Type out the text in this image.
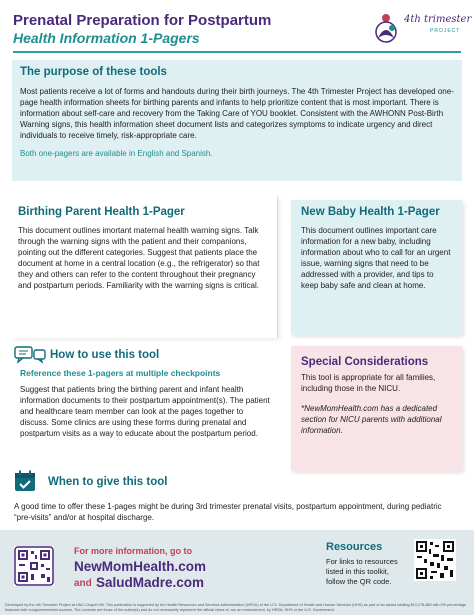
Prenatal Preparation for Postpartum
Health Information 1-Pagers
4th trimester
PROJECT
The purpose of these tools

Most patients receive a lot of forms and handouts during their birth journeys. The 4th Trimester Project has developed one-page health information sheets for birthing parents and infants to help prioritize content that is most important. There is information about self-care and recovery from the Taking Care of YOU booklet. Consistent with the AWHONN Post-Birth Warning signs, this health information sheet document lists and categorizes symptoms to indicate urgency and direct individuals to receive timely, risk-appropriate care.

Both one-pagers are available in English and Spanish.

Birthing Parent Health 1-Pager

This document outlines imortant maternal health warning signs. Talk through the warning signs with the patient and their companions, pointing out the different categories. Suggest that patients place the document at home in a central location (e.g., the refrigerator) so that they and others can refer to the content throughout their pregnancy and postpartum periods. Familiarity with the warning signs is critical.

New Baby Health 1-Pager

This document outlines important care information for a new baby, including information about who to call for an urgent issue, warning signs that need to be addressed with a provider, and tips to keep baby safe and clean at home.

How to use this tool
Reference these 1-pagers at multiple checkpoints

Suggest that patients bring the birthing parent and infant health information documents to their postpartum appointment(s). The patient and healthcare team member can look at the pages together to discuss. Some clinics are using these forms during prenatal and postpartum visits as a way to educate about the postpartum period.

Special Considerations

This tool is appropriate for all families, including those in the NICU.

*NewMomHealth.com has a dedicated section for NICU parents with additional information.

When to give this tool

A good time to offer these 1-pages might be during 3rd trimester prenatal visits, postpartum appointment, during pediatric “pre-visits” and/or at hospital discharge.

For more information, go to
NewMomHealth.com
and SaludMadre.com
Resources

For links to resources listed in this toolkit, follow the QR code.

Developed by the 4th Trimester Project at UNC-Chapel Hill. This publication is supported by the Health Resources and Services Administration (HRSA) of the U.S. Department of Health and Human Services (HHS) as part of an award totaling $10,278,885 with 0% percentage financed with nongovernmental sources. The contents are those of the author(s) and do not necessarily represent the official views of, nor an endorsement, by HRSA, HHS or the U.S. Government.
